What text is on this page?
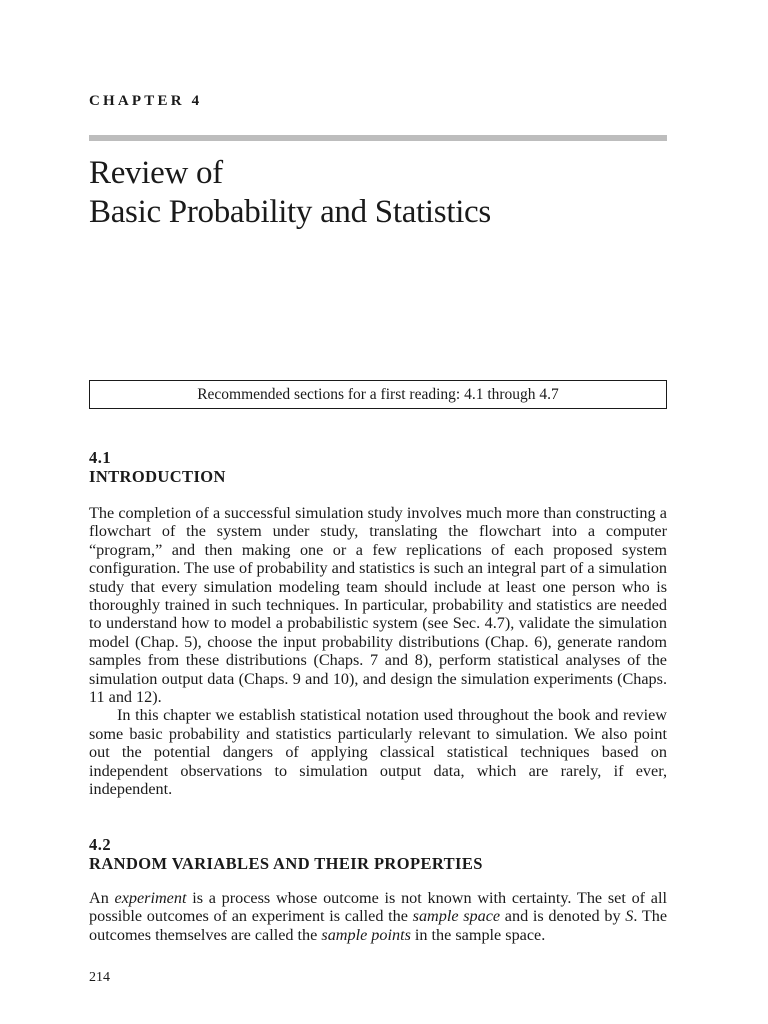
CHAPTER 4
Review of
Basic Probability and Statistics
Recommended sections for a first reading: 4.1 through 4.7
4.1
INTRODUCTION

The completion of a successful simulation study involves much more than constructing a flowchart of the system under study, translating the flowchart into a computer “program,” and then making one or a few replications of each proposed system configuration. The use of probability and statistics is such an integral part of a simulation study that every simulation modeling team should include at least one person who is thoroughly trained in such techniques. In particular, probability and statistics are needed to understand how to model a probabilistic system (see Sec. 4.7), validate the simulation model (Chap. 5), choose the input probability distributions (Chap. 6), generate random samples from these distributions (Chaps. 7 and 8), perform statistical analyses of the simulation output data (Chaps. 9 and 10), and design the simulation experiments (Chaps. 11 and 12).

In this chapter we establish statistical notation used throughout the book and review some basic probability and statistics particularly relevant to simulation. We also point out the potential dangers of applying classical statistical techniques based on independent observations to simulation output data, which are rarely, if ever, independent.

4.2
RANDOM VARIABLES AND THEIR PROPERTIES

An experiment is a process whose outcome is not known with certainty. The set of all possible outcomes of an experiment is called the sample space and is denoted by S. The outcomes themselves are called the sample points in the sample space.

214
